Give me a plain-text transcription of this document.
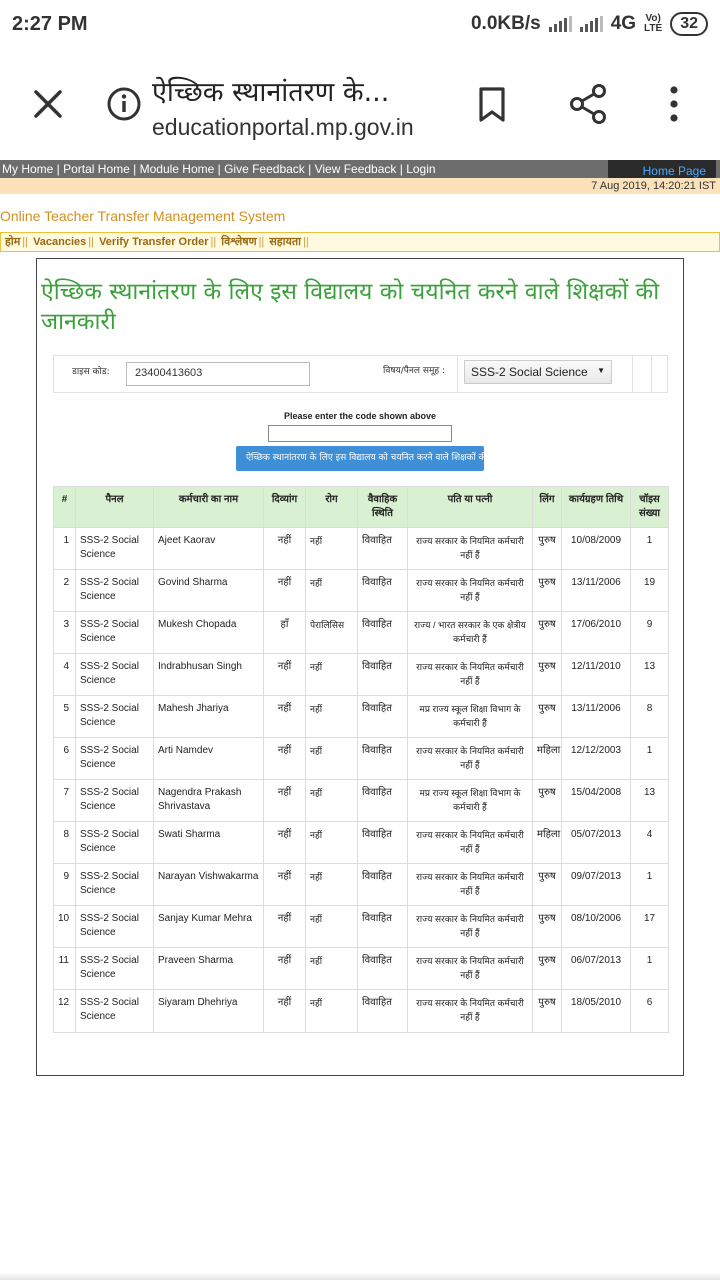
2:27 PM	0.0KB/s	4G Vo)
LTE 32
ऐच्छिक स्थानांतरण के...
educationportal.mp.gov.in
My Home | Portal Home | Module Home | Give Feedback | View Feedback | Login	Home Page
7 Aug 2019, 14:20:21 IST
Online Teacher Transfer Management System
होम || Vacancies || Verify Transfer Order || विश्लेषण || सहायता ||
ऐच्छिक स्थानांतरण के लिए इस विद्यालय को चयनित करने वाले शिक्षकों की जानकारी
डाइस कोड:	23400413603	विषय/पैनल समूह :	SSS-2 Social Science ▼
Please enter the code shown above
ऐच्छिक स्थानांतरण के लिए इस विद्यालय को चयनित करने वाले शिक्षकों की जानकारी देखें
#	पैनल	कर्मचारी का नाम	दिव्यांग	रोग	वैवाहिक स्थिति	पति या पत्नी	लिंग	कार्यग्रहण तिथि	चॉइस संख्या
1	SSS-2 Social Science	Ajeet Kaorav	नहीं	नहीं	विवाहित	राज्य सरकार के नियमित कर्मचारी नहीं हैं	पुरुष	10/08/2009	1
2	SSS-2 Social Science	Govind Sharma	नहीं	नहीं	विवाहित	राज्य सरकार के नियमित कर्मचारी नहीं हैं	पुरुष	13/11/2006	19
3	SSS-2 Social Science	Mukesh Chopada	हाँ	पेरालिसिस	विवाहित	राज्य / भारत सरकार के एक क्षेत्रीय कर्मचारी हैं	पुरुष	17/06/2010	9
4	SSS-2 Social Science	Indrabhusan Singh	नहीं	नहीं	विवाहित	राज्य सरकार के नियमित कर्मचारी नहीं हैं	पुरुष	12/11/2010	13
5	SSS-2 Social Science	Mahesh Jhariya	नहीं	नहीं	विवाहित	मप्र राज्य स्कूल शिक्षा विभाग के कर्मचारी हैं	पुरुष	13/11/2006	8
6	SSS-2 Social Science	Arti Namdev	नहीं	नहीं	विवाहित	राज्य सरकार के नियमित कर्मचारी नहीं हैं	महिला	12/12/2003	1
7	SSS-2 Social Science	Nagendra Prakash Shrivastava	नहीं	नहीं	विवाहित	मप्र राज्य स्कूल शिक्षा विभाग के कर्मचारी हैं	पुरुष	15/04/2008	13
8	SSS-2 Social Science	Swati Sharma	नहीं	नहीं	विवाहित	राज्य सरकार के नियमित कर्मचारी नहीं हैं	महिला	05/07/2013	4
9	SSS-2 Social Science	Narayan Vishwakarma	नहीं	नहीं	विवाहित	राज्य सरकार के नियमित कर्मचारी नहीं हैं	पुरुष	09/07/2013	1
10	SSS-2 Social Science	Sanjay Kumar Mehra	नहीं	नहीं	विवाहित	राज्य सरकार के नियमित कर्मचारी नहीं हैं	पुरुष	08/10/2006	17
11	SSS-2 Social Science	Praveen Sharma	नहीं	नहीं	विवाहित	राज्य सरकार के नियमित कर्मचारी नहीं हैं	पुरुष	06/07/2013	1
12	SSS-2 Social Science	Siyaram Dhehriya	नहीं	नहीं	विवाहित	राज्य सरकार के नियमित कर्मचारी नहीं हैं	पुरुष	18/05/2010	6
